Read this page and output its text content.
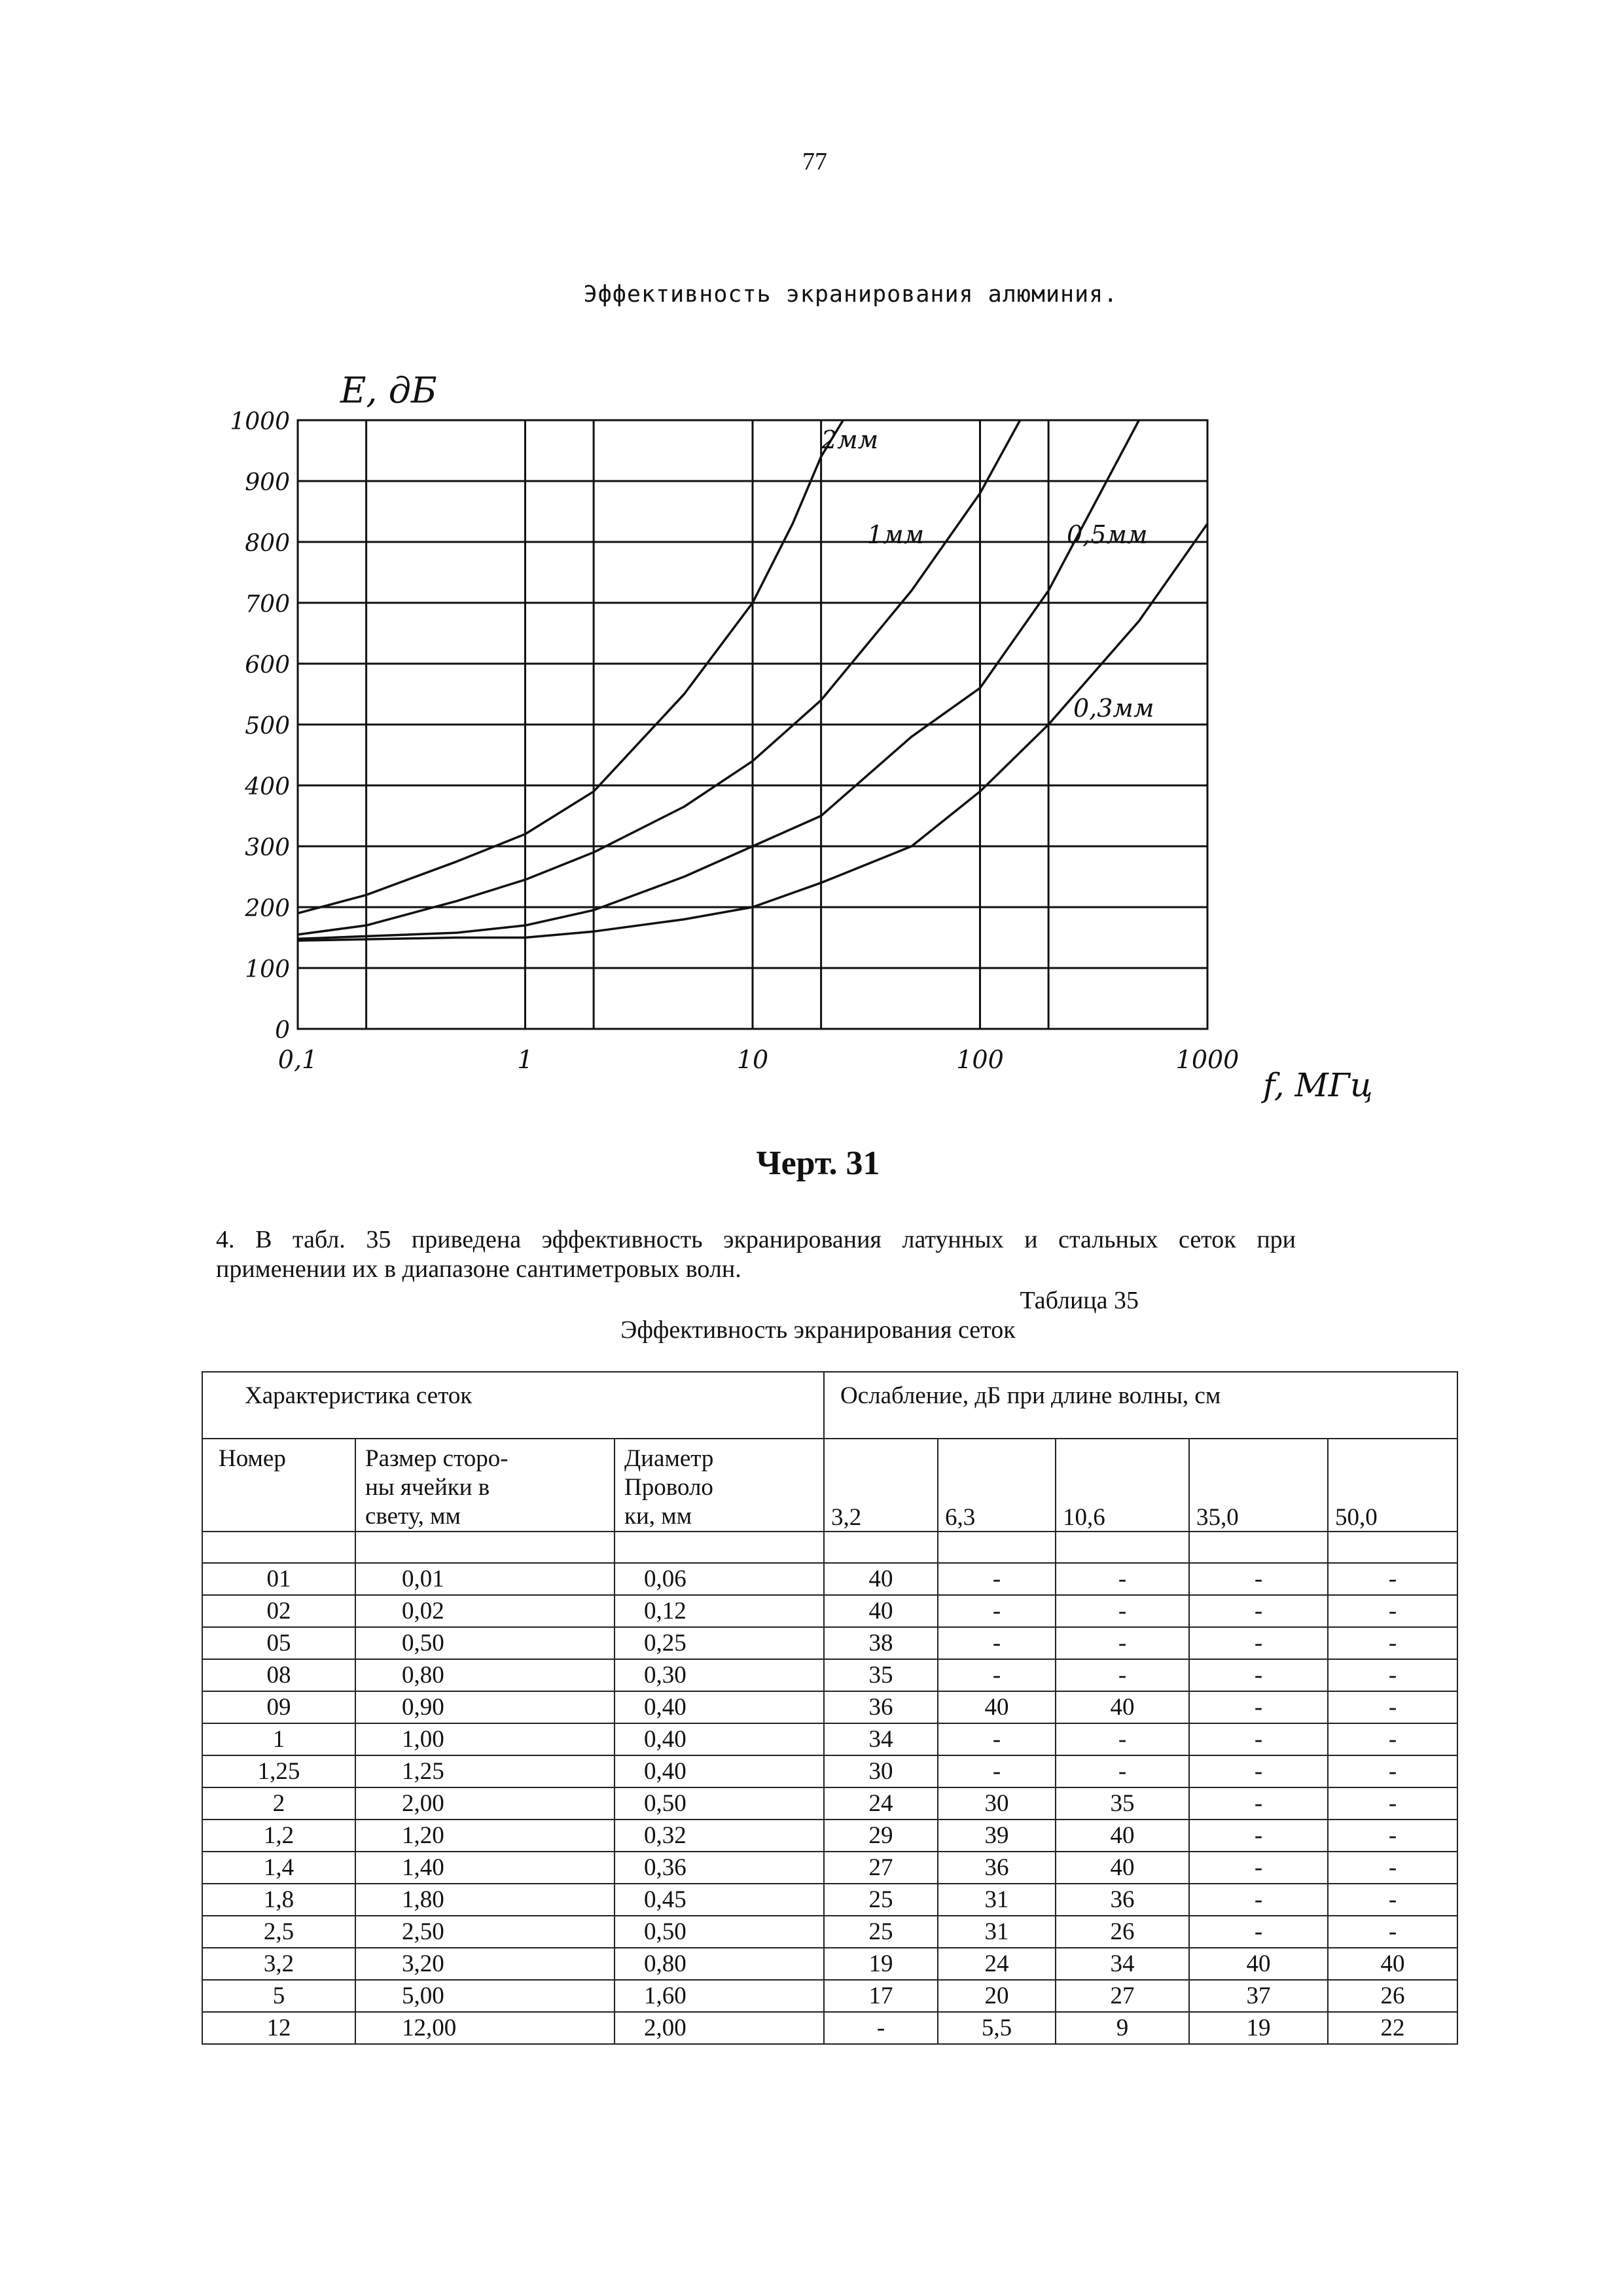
77
Эффективность экранирования алюминия.
0
100
200
300
400
500
600
700
800
900
1000
0,1	1	10	100	1000
E, дБ
f, МГц
2мм
1мм	0,5мм
0,3мм
Черт. 31
4. В табл. 35 приведена эффективность экранирования латунных и стальных сеток при
применении их в диапазоне сантиметровых волн.
Таблица 35
Эффективность экранирования сеток
Характеристика сеток			Ослабление, дБ при длине волны, см				
Номер	Размер сторо-
ны ячейки в
свету, мм	Диаметр
Проволо
ки, мм					
			3,2	6,3	10,6	35,0	50,0

01	0,01	0,06	40	-	-	-	-
02	0,02	0,12	40	-	-	-	-
05	0,50	0,25	38	-	-	-	-
08	0,80	0,30	35	-	-	-	-
09	0,90	0,40	36	40	40	-	-
1	1,00	0,40	34	-	-	-	-
1,25	1,25	0,40	30	-	-	-	-
2	2,00	0,50	24	30	35	-	-
1,2	1,20	0,32	29	39	40	-	-
1,4	1,40	0,36	27	36	40	-	-
1,8	1,80	0,45	25	31	36	-	-
2,5	2,50	0,50	25	31	26	-	-
3,2	3,20	0,80	19	24	34	40	40
5	5,00	1,60	17	20	27	37	26
12	12,00	2,00	-	5,5	9	19	22
